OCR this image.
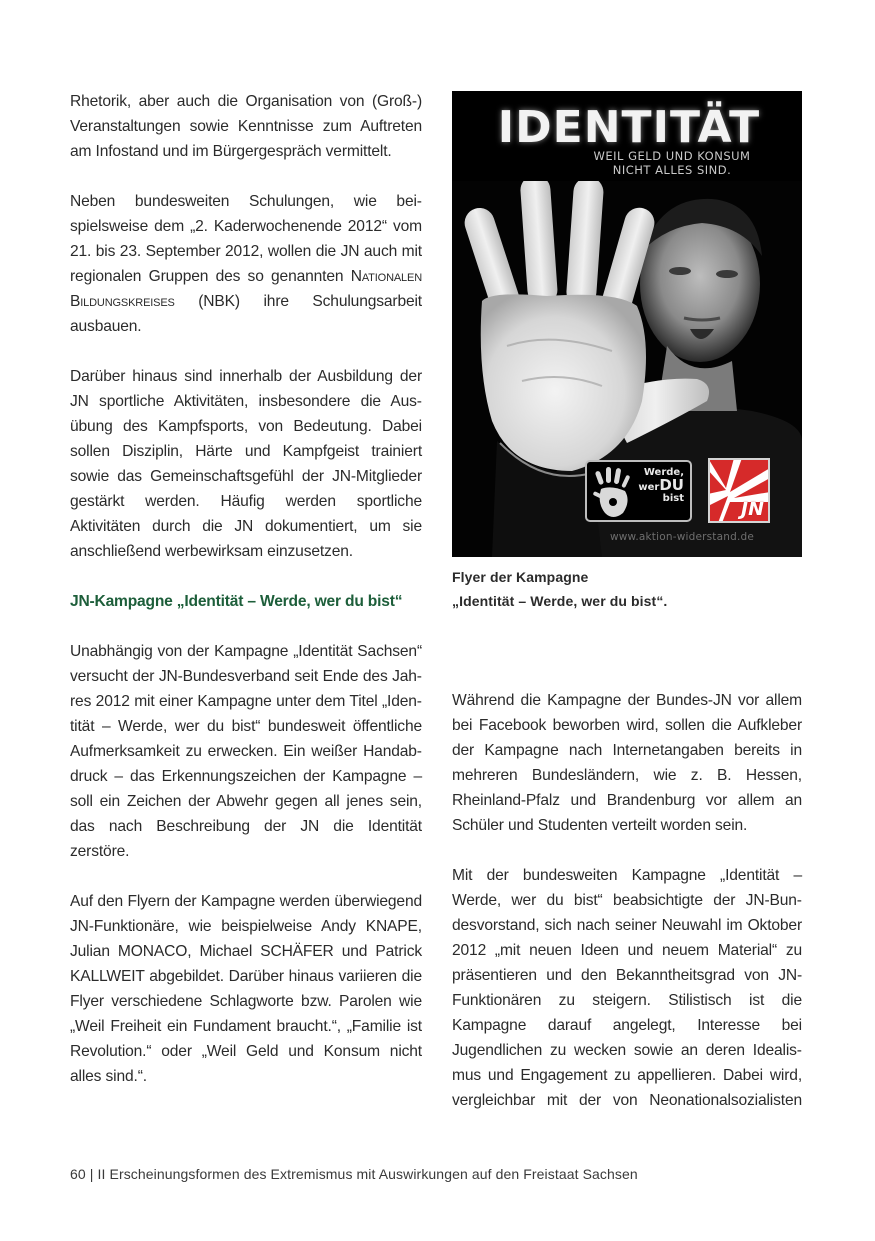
Rhetorik, aber auch die Organisation von (Groß-) Veranstaltungen sowie Kenntnisse zum Auftreten am Infostand und im Bürgergespräch vermittelt.

Neben bundesweiten Schulungen, wie beispielsweise dem „2. Kaderwochenende 2012“ vom 21. bis 23. September 2012, wollen die JN auch mit regionalen Gruppen des so genannten Nationalen Bildungskreises (NBK) ihre Schulungsarbeit ausbauen.

Darüber hinaus sind innerhalb der Ausbildung der JN sportliche Aktivitäten, insbesondere die Ausübung des Kampfsports, von Bedeutung. Dabei sollen Disziplin, Härte und Kampfgeist trainiert sowie das Gemeinschaftsgefühl der JN-Mitglieder gestärkt werden. Häufig werden sportliche Aktivitäten durch die JN dokumentiert, um sie anschließend werbewirksam einzusetzen.

JN-Kampagne „Identität – Werde, wer du bist“

Unabhängig von der Kampagne „Identität Sachsen“ versucht der JN-Bundesverband seit Ende des Jahres 2012 mit einer Kampagne unter dem Titel „Identität – Werde, wer du bist“ bundesweit öffentliche Aufmerksamkeit zu erwecken. Ein weißer Handabdruck – das Erkennungszeichen der Kampagne – soll ein Zeichen der Abwehr gegen all jenes sein, das nach Beschreibung der JN die Identität zerstöre.

Auf den Flyern der Kampagne werden überwiegend JN-Funktionäre, wie beispielweise Andy KNAPE, Julian MONACO, Michael SCHÄFER und Patrick KALLWEIT abgebildet. Darüber hinaus variieren die Flyer verschiedene Schlagworte bzw. Parolen wie „Weil Freiheit ein Fundament braucht.“, „Familie ist Revolution.“ oder „Weil Geld und Konsum nicht alles sind.“.

IDENTITÄT
WEIL GELD UND KONSUM
NICHT ALLES SIND.
Werde,
werDU
bist	JN
www.aktion-widerstand.de
Flyer der Kampagne
„Identität – Werde, wer du bist“.

Während die Kampagne der Bundes-JN vor allem bei Facebook beworben wird, sollen die Aufkleber der Kampagne nach Internetangaben bereits in mehreren Bundesländern, wie z. B. Hessen, Rheinland-Pfalz und Brandenburg vor allem an Schüler und Studenten verteilt worden sein.

Mit der bundesweiten Kampagne „Identität – Werde, wer du bist“ beabsichtigte der JN-Bundesvorstand, sich nach seiner Neuwahl im Oktober 2012 „mit neuen Ideen und neuem Material“ zu präsentieren und den Bekanntheitsgrad von JN-Funktionären zu steigern. Stilistisch ist die Kampagne darauf angelegt, Interesse bei Jugendlichen zu wecken sowie an deren Idealismus und Engagement zu appellieren. Dabei wird, vergleichbar mit der von Neonationalsozialisten

60 | II Erscheinungsformen des Extremismus mit Auswirkungen auf den Freistaat Sachsen
